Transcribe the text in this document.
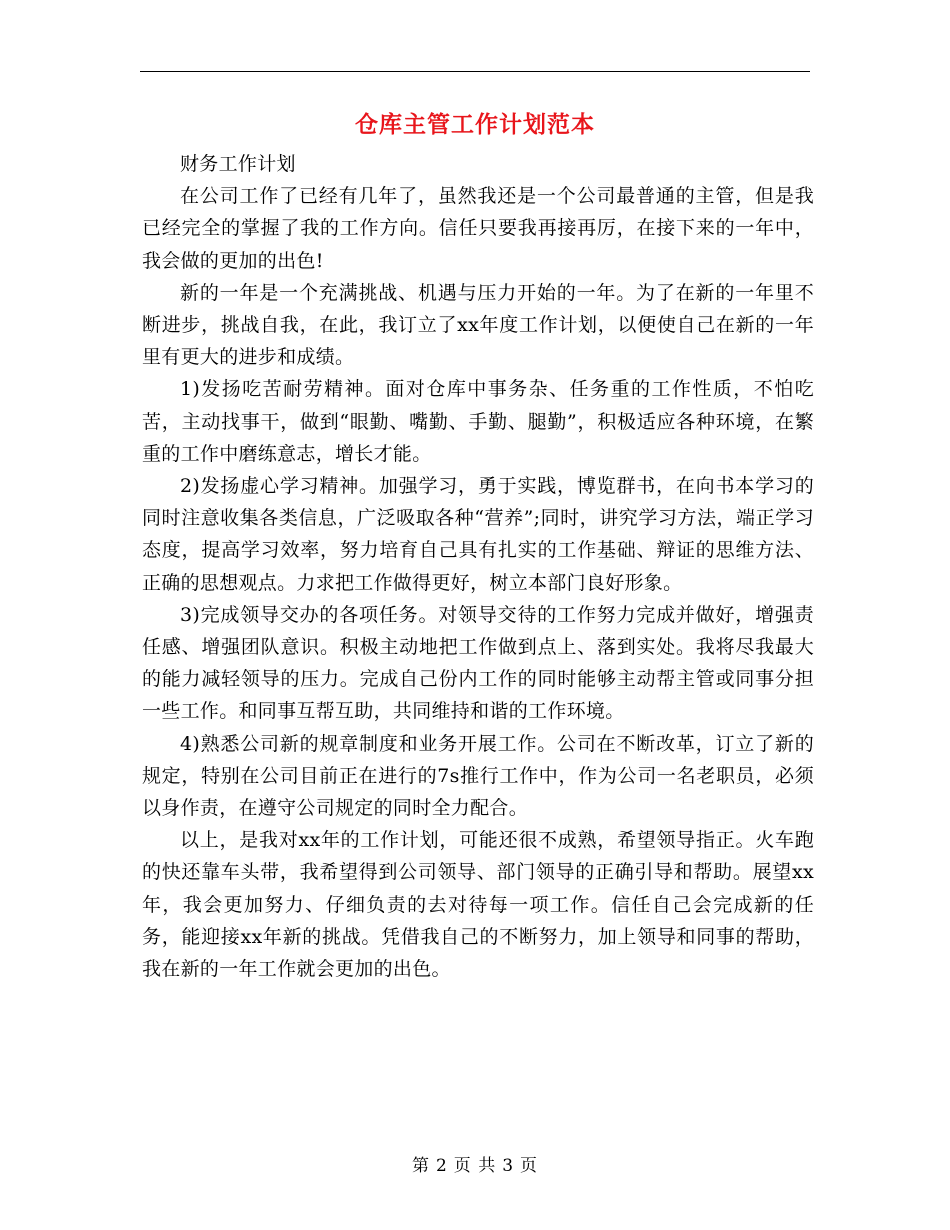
仓库主管工作计划范本

财务工作计划

在公司工作了已经有几年了，虽然我还是一个公司最普通的主管，但是我已经完全的掌握了我的工作方向。信任只要我再接再厉，在接下来的一年中，我会做的更加的出色!

新的一年是一个充满挑战、机遇与压力开始的一年。为了在新的一年里不断进步，挑战自我，在此，我订立了xx年度工作计划，以便使自己在新的一年里有更大的进步和成绩。

1)发扬吃苦耐劳精神。面对仓库中事务杂、任务重的工作性质，不怕吃苦，主动找事干，做到“眼勤、嘴勤、手勤、腿勤”，积极适应各种环境，在繁重的工作中磨练意志，增长才能。

2)发扬虚心学习精神。加强学习，勇于实践，博览群书，在向书本学习的同时注意收集各类信息，广泛吸取各种“营养”;同时，讲究学习方法，端正学习态度，提高学习效率，努力培育自己具有扎实的工作基础、辩证的思维方法、正确的思想观点。力求把工作做得更好，树立本部门良好形象。

3)完成领导交办的各项任务。对领导交待的工作努力完成并做好，增强责任感、增强团队意识。积极主动地把工作做到点上、落到实处。我将尽我最大的能力减轻领导的压力。完成自己份内工作的同时能够主动帮主管或同事分担一些工作。和同事互帮互助，共同维持和谐的工作环境。

4)熟悉公司新的规章制度和业务开展工作。公司在不断改革，订立了新的规定，特别在公司目前正在进行的7s推行工作中，作为公司一名老职员，必须以身作责，在遵守公司规定的同时全力配合。

以上，是我对xx年的工作计划，可能还很不成熟，希望领导指正。火车跑的快还靠车头带，我希望得到公司领导、部门领导的正确引导和帮助。展望xx年，我会更加努力、仔细负责的去对待每一项工作。信任自己会完成新的任务，能迎接xx年新的挑战。凭借我自己的不断努力，加上领导和同事的帮助，我在新的一年工作就会更加的出色。

第 2 页 共 3 页
